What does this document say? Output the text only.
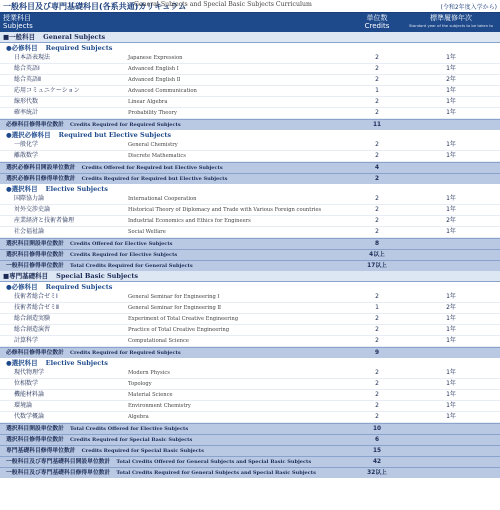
一般科目及び専門基礎科目(各系共通)カリキュラム
General Subjects and Special Basic Subjects Curriculum	(令和2年度入学から)
授業科目
Subjects
単位数
Credits
標準履修年次
Standard year of the subjects to be taken to
■一般科目 General Subjects
●必修科目 Required Subjects
日本語表現法	Japanese Expression	2	1年
総合英語Ⅰ	Advanced English Ⅰ	2	1年
総合英語Ⅱ	Advanced English Ⅱ	2	2年
応用コミュニケーション	Advanced Communication	1	1年
線形代数	Linear Algebra	2	1年
確率統計	Probability Theory	2	1年
必修科目修得単位数計 Credits Required for Required Subjects	11
●選択必修科目 Required but Elective Subjects
一般化学	General Chemistry	2	1年
離散数学	Discrete Mathematics	2	1年
選択必修科目開設単位数計 Credits Offered for Required but Elective Subjects	4
選択必修科目修得単位数計 Credits Required for Required but Elective Subjects	2
●選択科目 Elective Subjects
国際協力論	International Cooperation	2	1年
対外交渉史論	Historical Theory of Diplomacy and Trade with Various Foreign countries	2	1年
産業経済と技術者倫理	Industrial Economics and Ethics for Engineers	2	2年
社会福祉論	Social Welfare	2	1年
選択科目開設単位数計 Credits Offered for Elective Subjects	8
選択科目修得単位数計 Credits Required for Elective Subjects	4以上
一般科目修得単位数計 Total Credits Required for General Subjects	17以上
■専門基礎科目 Special Basic Subjects
●必修科目 Required Subjects
技術者総合ゼミⅠ	General Seminar for Engineering Ⅰ	2	1年
技術者総合ゼミⅡ	General Seminar for Engineering Ⅱ	1	2年
総合創造実験	Experiment of Total Creative Engineering	2	1年
総合創造演習	Practice of Total Creative Engineering	2	1年
計算科学	Computational Science	2	1年
必修科目修得単位数計 Credits Required for Required Subjects	9
●選択科目 Elective Subjects
現代物理学	Modern Physics	2	1年
位相数学	Topology	2	1年
機能材料論	Material Science	2	1年
環境論	Environment Chemistry	2	1年
代数学概論	Algebra	2	1年
選択科目開設単位数計 Total Credits Offered for Elective Subjects	10
選択科目修得単位数計 Credits Required for Special Basic Subjects	6
専門基礎科目修得単位数計 Credits Required for Special Basic Subjects	15
一般科目及び専門基礎科目開設単位数計 Total Credits Offered for General Subjects and Special Basic Subjects	42
一般科目及び専門基礎科目修得単位数計 Total Credits Required for General Subjects and Special Basic Subjects	32以上
